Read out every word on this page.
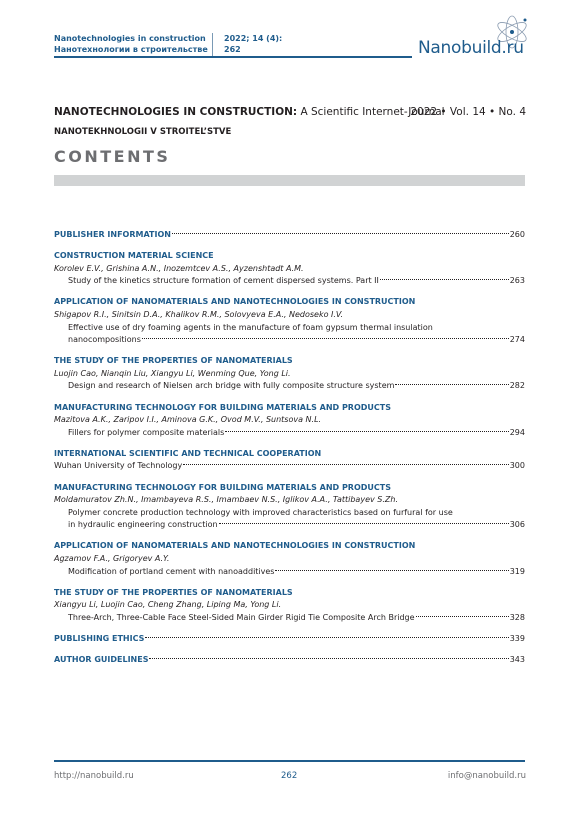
Nanotechnologies in construction
Нанотехнологии в строительстве
2022; 14 (4):
262	Nanobuild.ru
NANOTECHNOLOGIES IN CONSTRUCTION: A Scientific Internet-Journal
2022 • Vol. 14 • No. 4
NANOTEKHNOLOGII V STROITEL’STVE
CONTENTS
PUBLISHER INFORMATION	260
CONSTRUCTION MATERIAL SCIENCE
Korolev E.V., Grishina A.N., Inozemtcev A.S., Ayzenshtadt A.M.
Study of the kinetics structure formation of cement dispersed systems. Part II	263
APPLICATION OF NANOMATERIALS AND NANOTECHNOLOGIES IN CONSTRUCTION
Shigapov R.I., Sinitsin D.A., Khalikov R.M., Solovyeva E.A., Nedoseko I.V.
Effective use of dry foaming agents in the manufacture of foam gypsum thermal insulation
nanocompositions	274
THE STUDY OF THE PROPERTIES OF NANOMATERIALS
Luojin Cao, Nianqin Liu, Xiangyu Li, Wenming Que, Yong Li.
Design and research of Nielsen arch bridge with fully composite structure system	282
MANUFACTURING TECHNOLOGY FOR BUILDING MATERIALS AND PRODUCTS
Mazitova A.K., Zaripov I.I., Aminova G.K., Ovod M.V., Suntsova N.L.
Fillers for polymer composite materials	294
INTERNATIONAL SCIENTIFIC AND TECHNICAL COOPERATION
Wuhan University of Technology	300
MANUFACTURING TECHNOLOGY FOR BUILDING MATERIALS AND PRODUCTS
Moldamuratov Zh.N., Imambayeva R.S., Imambaev N.S., Iglikov A.A., Tattibayev S.Zh.
Polymer concrete production technology with improved characteristics based on furfural for use
in hydraulic engineering construction	306
APPLICATION OF NANOMATERIALS AND NANOTECHNOLOGIES IN CONSTRUCTION
Agzamov F.A., Grigoryev A.Y.
Modification of portland cement with nanoadditives	319
THE STUDY OF THE PROPERTIES OF NANOMATERIALS
Xiangyu Li, Luojin Cao, Cheng Zhang, Liping Ma, Yong Li.
Three-Arch, Three-Cable Face Steel-Sided Main Girder Rigid Tie Composite Arch Bridge	328
PUBLISHING ETHICS	339
AUTHOR GUIDELINES	343
http://nanobuild.ru	262	info@nanobuild.ru
